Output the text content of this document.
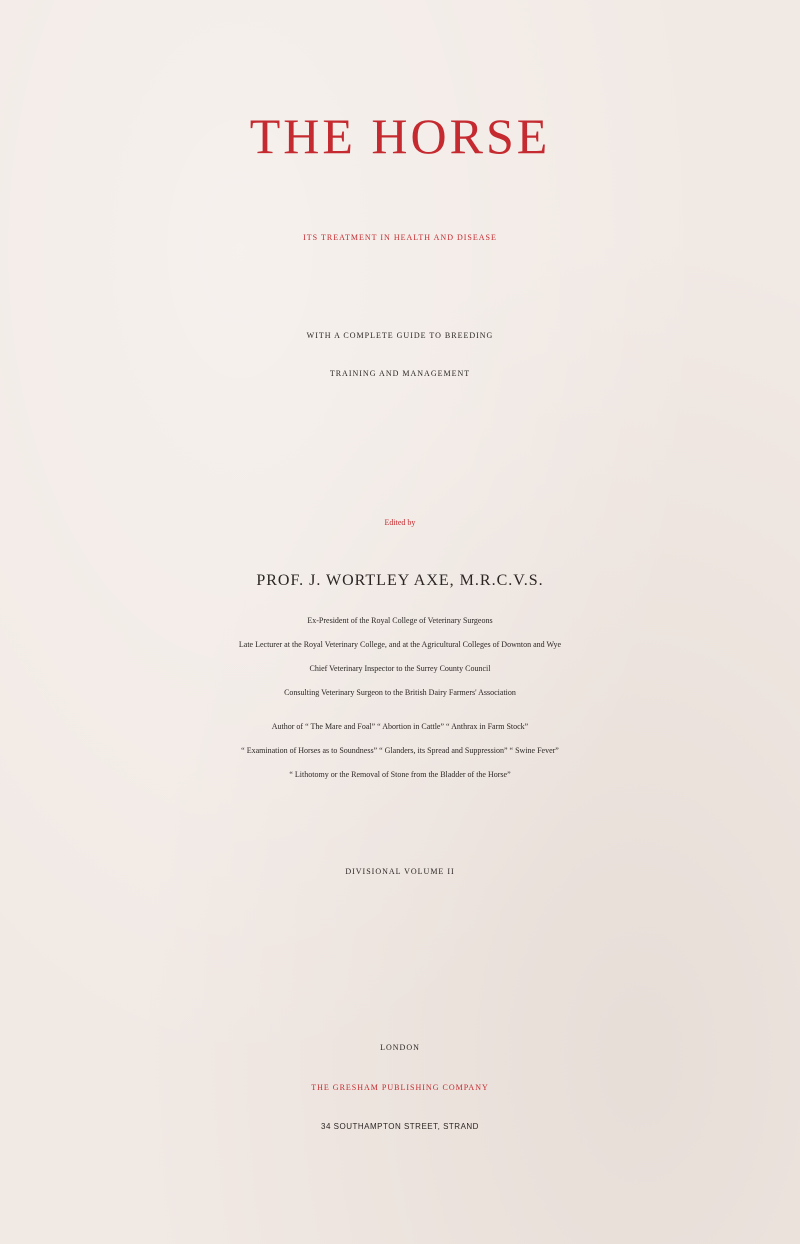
THE HORSE

ITS TREATMENT IN HEALTH AND DISEASE

WITH A COMPLETE GUIDE TO BREEDING

TRAINING AND MANAGEMENT

Edited by

PROF. J. WORTLEY AXE, M.R.C.V.S.

Ex-President of the Royal College of Veterinary Surgeons

Late Lecturer at the Royal Veterinary College, and at the Agricultural Colleges of Downton and Wye

Chief Veterinary Inspector to the Surrey County Council

Consulting Veterinary Surgeon to the British Dairy Farmers' Association

Author of “ The Mare and Foal” “ Abortion in Cattle” “ Anthrax in Farm Stock”

“ Examination of Horses as to Soundness” “ Glanders, its Spread and Suppression” “ Swine Fever”

“ Lithotomy or the Removal of Stone from the Bladder of the Horse”

DIVISIONAL VOLUME II

LONDON

THE GRESHAM PUBLISHING COMPANY

34 SOUTHAMPTON STREET, STRAND
